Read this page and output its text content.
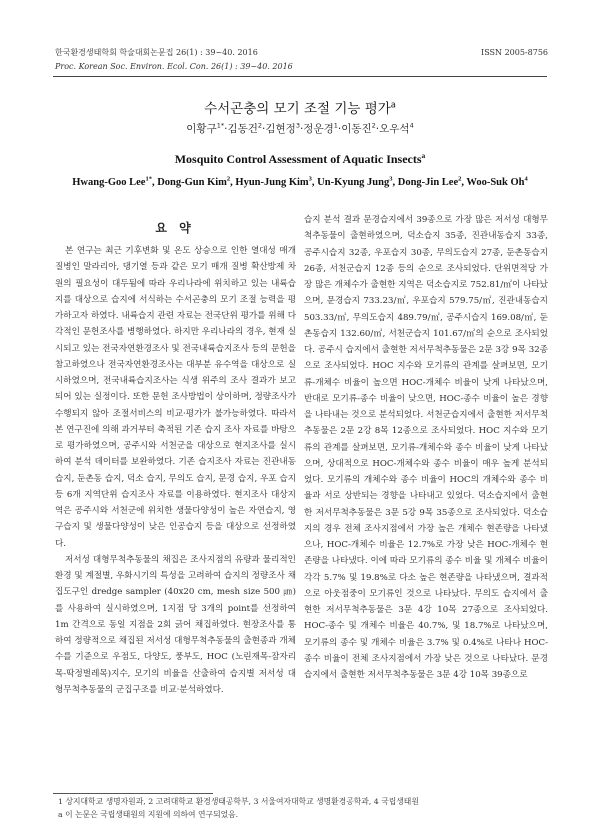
한국환경생태학회 학술대회논문집 26(1) : 39~40. 2016
Proc. Korean Soc. Environ. Ecol. Con. 26(1) : 39~40. 2016
ISSN 2005-8756
수서곤충의 모기 조절 기능 평가$^a$
이황구$^{1*}$·김동건$^2$·김현정$^3$·정운경$^1$·이동진$^2$·오우석$^4$
Mosquito Control Assessment of Aquatic Insects$^a$
Hwang-Goo Lee$^{1*}$, Dong-Gun Kim$^2$, Hyun-Jung Kim$^3$, Un-Kyung Jung$^3$, Dong-Jin Lee$^2$, Woo-Suk Oh$^4$
요 약

본 연구는 최근 기후변화 및 온도 상승으로 인한 열대성 매개 질병인 말라리아, 댕기열 등과 같은 모기 매개 질병 확산방제 차원의 필요성이 대두됨에 따라 우리나라에 위치하고 있는 내륙습지를 대상으로 습지에 서식하는 수서곤충의 모기 조절 능력을 평가하고자 하였다. 내륙습지 관련 자료는 전국단위 평가를 위해 다각적인 문헌조사를 병행하였다. 하지만 우리나라의 경우, 현재 실시되고 있는 전국자연환경조사 및 전국내륙습지조사 등의 문헌을 참고하였으나 전국자연환경조사는 대부분 유수역을 대상으로 실시하였으며, 전국내륙습지조사는 식생 위주의 조사 결과가 보고되어 있는 실정이다. 또한 문헌 조사방법이 상이하며, 정량조사가 수행되지 않아 조절서비스의 비교·평가가 불가능하였다. 따라서 본 연구진에 의해 과거부터 축적된 기존 습지 조사 자료를 바탕으로 평가하였으며, 공주시와 서천군을 대상으로 현지조사를 실시하여 분석 데이터를 보완하였다. 기존 습지조사 자료는 진관내동 습지, 둔촌동 습지, 덕소 습지, 무의도 습지, 문경 습지, 우포 습지 등 6개 지역단위 습지조사 자료를 이용하였다. 현지조사 대상지역은 공주시와 서천군에 위치한 생물다양성이 높은 자연습지, 영구습지 및 생물다양성이 낮은 인공습지 등을 대상으로 선정하였다.

저서성 대형무척추동물의 채집은 조사지점의 유량과 물리적인 환경 및 계절별, 우화시기의 특성을 고려하여 습지의 정량조사 채집도구인 dredge sampler (40x20 cm, mesh size 500 ㎛)를 사용하여 실시하였으며, 1지점 당 3개의 point를 선정하여 1m 간격으로 동일 지점을 2회 긁어 채집하였다. 현장조사를 통하여 정량적으로 채집된 저서성 대형무척추동물의 출현종과 개체수를 기준으로 우점도, 다양도, 풍부도, HOC (노린재목-잠자리목-딱정벌레목)지수, 모기의 비율을 산출하여 습지별 저서성 대형무척추동물의 군집구조를 비교·분석하였다.

습지 분석 결과 문경습지에서 39종으로 가장 많은 저서성 대형무척추동물이 출현하였으며, 덕소습지 35종, 진관내동습지 33종, 공주시습지 32종, 우포습지 30종, 무의도습지 27종, 둔촌동습지 26종, 서천군습지 12종 등의 순으로 조사되었다. 단위면적당 가장 많은 개체수가 출현한 지역은 덕소습지로 752.81/㎡이 나타났으며, 문경습지 733.23/㎡, 우포습지 579.75/㎡, 진관내동습지 503.33/㎡, 무의도습지 489.79/㎡, 공주시습지 169.08/㎡, 둔촌동습지 132.60/㎡, 서천군습지 101.67/㎡의 순으로 조사되었다. 공주시 습지에서 출현한 저서무척추동물은 2문 3강 9목 32종으로 조사되었다. HOC 지수와 모기류의 관계를 살펴보면, 모기류-개체수 비율이 높으면 HOC-개체수 비율이 낮게 나타났으며, 반대로 모기류-종수 비율이 낮으면, HOC-종수 비율이 높은 경향을 나타내는 것으로 분석되었다. 서천군습지에서 출현한 저서무척추동물은 2문 2강 8목 12종으로 조사되었다. HOC 지수와 모기류의 관계를 살펴보면, 모기류-개체수와 종수 비율이 낮게 나타났으며, 상대적으로 HOC-개체수와 종수 비율이 매우 높게 분석되었다. 모기류의 개체수와 종수 비율이 HOC의 개체수와 종수 비율과 서로 상반되는 경향을 나타내고 있었다. 덕소습지에서 출현한 저서무척추동물은 3문 5강 9목 35종으로 조사되었다. 덕소습지의 경우 전체 조사지점에서 가장 높은 개체수 현존량을 나타냈으나, HOC-개체수 비율은 12.7%로 가장 낮은 HOC-개체수 현존량을 나타냈다. 이에 따라 모기류의 종수 비율 및 개체수 비율이 각각 5.7% 및 19.8%로 다소 높은 현존량을 나타냈으며, 결과적으로 아웃점중이 모기류인 것으로 나타났다. 무의도 습지에서 출현한 저서무척추동물은 3문 4강 10목 27종으로 조사되었다. HOC-종수 및 개체수 비율은 40.7%, 및 18.7%로 나타났으며, 모기류의 종수 및 개체수 비율은 3.7% 및 0.4%로 나타나 HOC-종수 비율이 전체 조사지점에서 가장 낮은 것으로 나타났다. 문경 습지에서 출현한 저서무척추동물은 3문 4강 10목 39종으로

1 상지대학교 생명자원과, 2 고려대학교 환경생태공학부, 3 서울여자대학교 생명환경공학과, 4 국립생태원
a 이 논문은 국립생태원의 지원에 의하여 연구되었음.
